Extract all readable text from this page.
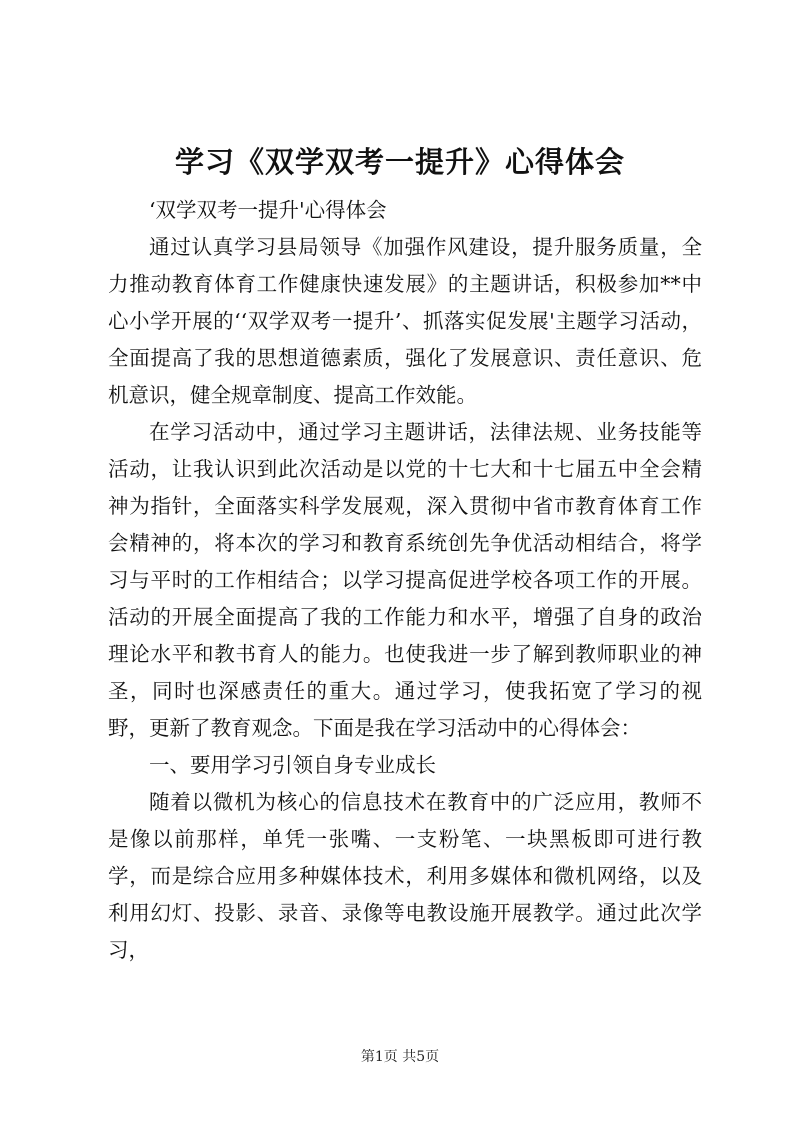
学习《双学双考一提升》心得体会

‘双学双考一提升'心得体会

通过认真学习县局领导《加强作风建设，提升服务质量，全力推动教育体育工作健康快速发展》的主题讲话，积极参加**中心小学开展的‘‘双学双考一提升’、抓落实促发展'主题学习活动，全面提高了我的思想道德素质，强化了发展意识、责任意识、危机意识，健全规章制度、提高工作效能。

在学习活动中，通过学习主题讲话，法律法规、业务技能等活动，让我认识到此次活动是以党的十七大和十七届五中全会精神为指针，全面落实科学发展观，深入贯彻中省市教育体育工作会精神的，将本次的学习和教育系统创先争优活动相结合，将学习与平时的工作相结合；以学习提高促进学校各项工作的开展。活动的开展全面提高了我的工作能力和水平，增强了自身的政治理论水平和教书育人的能力。也使我进一步了解到教师职业的神圣，同时也深感责任的重大。通过学习，使我拓宽了学习的视野，更新了教育观念。下面是我在学习活动中的心得体会：

一、要用学习引领自身专业成长

随着以微机为核心的信息技术在教育中的广泛应用，教师不是像以前那样，单凭一张嘴、一支粉笔、一块黑板即可进行教学，而是综合应用多种媒体技术，利用多媒体和微机网络，以及利用幻灯、投影、录音、录像等电教设施开展教学。通过此次学习，

第1页 共5页
